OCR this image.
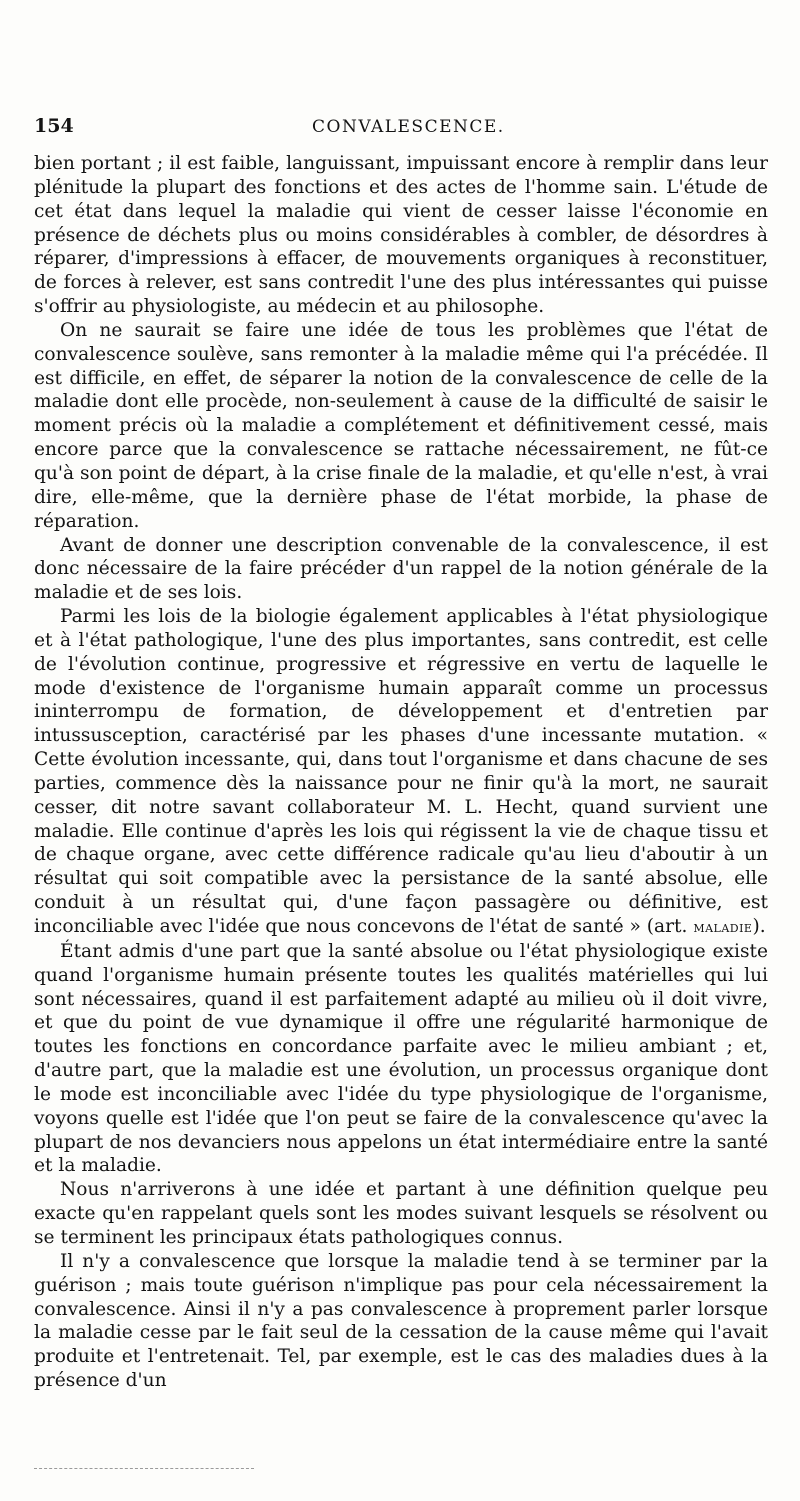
154	CONVALESCENCE.

bien portant ; il est faible, languissant, impuissant encore à remplir dans leur plénitude la plupart des fonctions et des actes de l'homme sain. L'étude de cet état dans lequel la maladie qui vient de cesser laisse l'économie en présence de déchets plus ou moins considérables à combler, de désordres à réparer, d'impressions à effacer, de mouvements organiques à reconstituer, de forces à relever, est sans contredit l'une des plus intéressantes qui puisse s'offrir au physiologiste, au médecin et au philosophe.

On ne saurait se faire une idée de tous les problèmes que l'état de convalescence soulève, sans remonter à la maladie même qui l'a précédée. Il est difficile, en effet, de séparer la notion de la convalescence de celle de la maladie dont elle procède, non-seulement à cause de la difficulté de saisir le moment précis où la maladie a complétement et définitivement cessé, mais encore parce que la convalescence se rattache nécessairement, ne fût-ce qu'à son point de départ, à la crise finale de la maladie, et qu'elle n'est, à vrai dire, elle-même, que la dernière phase de l'état morbide, la phase de réparation.

Avant de donner une description convenable de la convalescence, il est donc nécessaire de la faire précéder d'un rappel de la notion générale de la maladie et de ses lois.

Parmi les lois de la biologie également applicables à l'état physiologique et à l'état pathologique, l'une des plus importantes, sans contredit, est celle de l'évolution continue, progressive et régressive en vertu de laquelle le mode d'existence de l'organisme humain apparaît comme un processus ininterrompu de formation, de développement et d'entretien par intussusception, caractérisé par les phases d'une incessante mutation. « Cette évolution incessante, qui, dans tout l'organisme et dans chacune de ses parties, commence dès la naissance pour ne finir qu'à la mort, ne saurait cesser, dit notre savant collaborateur M. L. Hecht, quand survient une maladie. Elle continue d'après les lois qui régissent la vie de chaque tissu et de chaque organe, avec cette différence radicale qu'au lieu d'aboutir à un résultat qui soit compatible avec la persistance de la santé absolue, elle conduit à un résultat qui, d'une façon passagère ou définitive, est inconciliable avec l'idée que nous concevons de l'état de santé » (art. maladie).

Étant admis d'une part que la santé absolue ou l'état physiologique existe quand l'organisme humain présente toutes les qualités matérielles qui lui sont nécessaires, quand il est parfaitement adapté au milieu où il doit vivre, et que du point de vue dynamique il offre une régularité harmonique de toutes les fonctions en concordance parfaite avec le milieu ambiant ; et, d'autre part, que la maladie est une évolution, un processus organique dont le mode est inconciliable avec l'idée du type physiologique de l'organisme, voyons quelle est l'idée que l'on peut se faire de la convalescence qu'avec la plupart de nos devanciers nous appelons un état intermédiaire entre la santé et la maladie.

Nous n'arriverons à une idée et partant à une définition quelque peu exacte qu'en rappelant quels sont les modes suivant lesquels se résolvent ou se terminent les principaux états pathologiques connus.

Il n'y a convalescence que lorsque la maladie tend à se terminer par la guérison ; mais toute guérison n'implique pas pour cela nécessairement la convalescence. Ainsi il n'y a pas convalescence à proprement parler lorsque la maladie cesse par le fait seul de la cessation de la cause même qui l'avait produite et l'entretenait. Tel, par exemple, est le cas des maladies dues à la présence d'un
